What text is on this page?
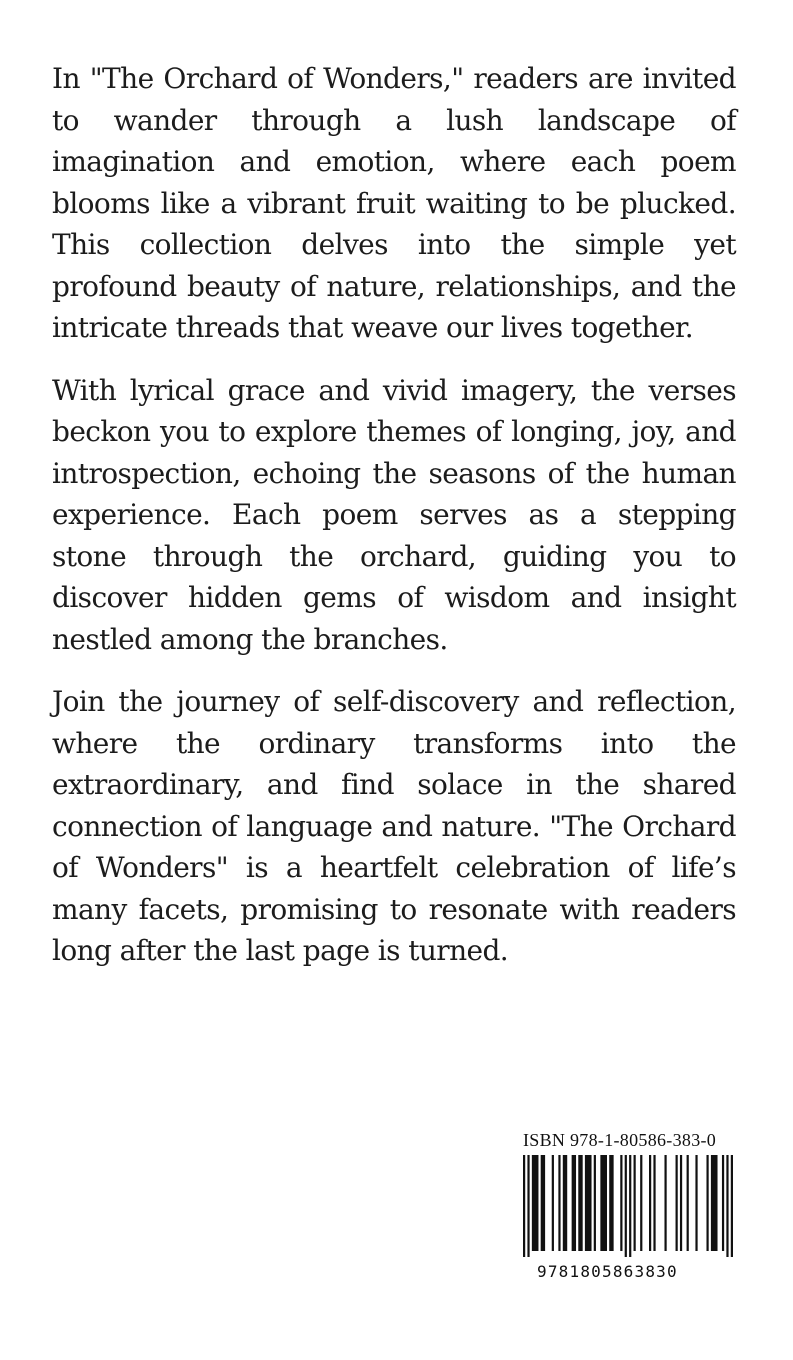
In "The Orchard of Wonders," readers are invited to wander through a lush landscape of imagination and emotion, where each poem blooms like a vibrant fruit waiting to be plucked. This collection delves into the simple yet profound beauty of nature, relationships, and the intricate threads that weave our lives together.

With lyrical grace and vivid imagery, the verses beckon you to explore themes of longing, joy, and introspection, echoing the seasons of the human experience. Each poem serves as a stepping stone through the orchard, guiding you to discover hidden gems of wisdom and insight nestled among the branches.

Join the journey of self-discovery and reflection, where the ordinary transforms into the extraordinary, and find solace in the shared connection of language and nature. "The Orchard of Wonders" is a heartfelt celebration of life’s many facets, promising to resonate with readers long after the last page is turned.

ISBN 978-1-80586-383-0
9781805863830
